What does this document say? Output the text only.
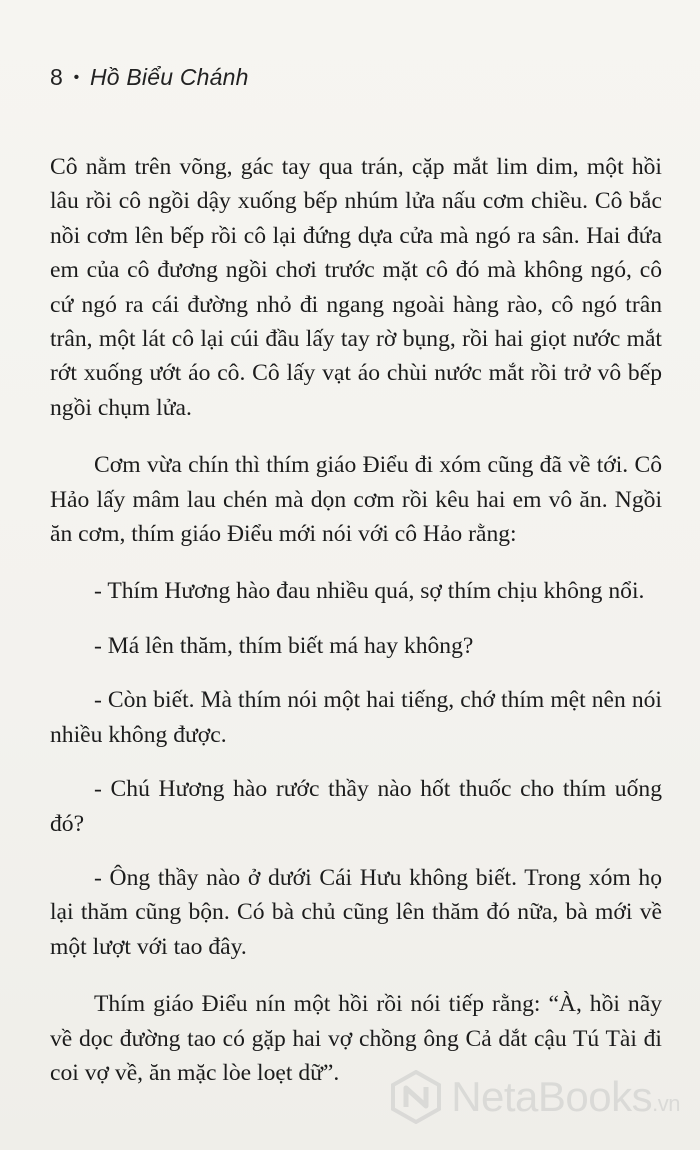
8 • Hồ Biểu Chánh

Cô nằm trên võng, gác tay qua trán, cặp mắt lim dim, một hồi lâu rồi cô ngồi dậy xuống bếp nhúm lửa nấu cơm chiều. Cô bắc nồi cơm lên bếp rồi cô lại đứng dựa cửa mà ngó ra sân. Hai đứa em của cô đương ngồi chơi trước mặt cô đó mà không ngó, cô cứ ngó ra cái đường nhỏ đi ngang ngoài hàng rào, cô ngó trân trân, một lát cô lại cúi đầu lấy tay rờ bụng, rồi hai giọt nước mắt rớt xuống ướt áo cô. Cô lấy vạt áo chùi nước mắt rồi trở vô bếp ngồi chụm lửa.

Cơm vừa chín thì thím giáo Điểu đi xóm cũng đã về tới. Cô Hảo lấy mâm lau chén mà dọn cơm rồi kêu hai em vô ăn. Ngồi ăn cơm, thím giáo Điểu mới nói với cô Hảo rằng:

- Thím Hương hào đau nhiều quá, sợ thím chịu không nổi.

- Má lên thăm, thím biết má hay không?

- Còn biết. Mà thím nói một hai tiếng, chớ thím mệt nên nói nhiều không được.

- Chú Hương hào rước thầy nào hốt thuốc cho thím uống đó?

- Ông thầy nào ở dưới Cái Hưu không biết. Trong xóm họ lại thăm cũng bộn. Có bà chủ cũng lên thăm đó nữa, bà mới về một lượt với tao đây.

Thím giáo Điểu nín một hồi rồi nói tiếp rằng: “À, hồi nãy về dọc đường tao có gặp hai vợ chồng ông Cả dắt cậu Tú Tài đi coi vợ về, ăn mặc lòe loẹt dữ”.

NetaBooks.vn
